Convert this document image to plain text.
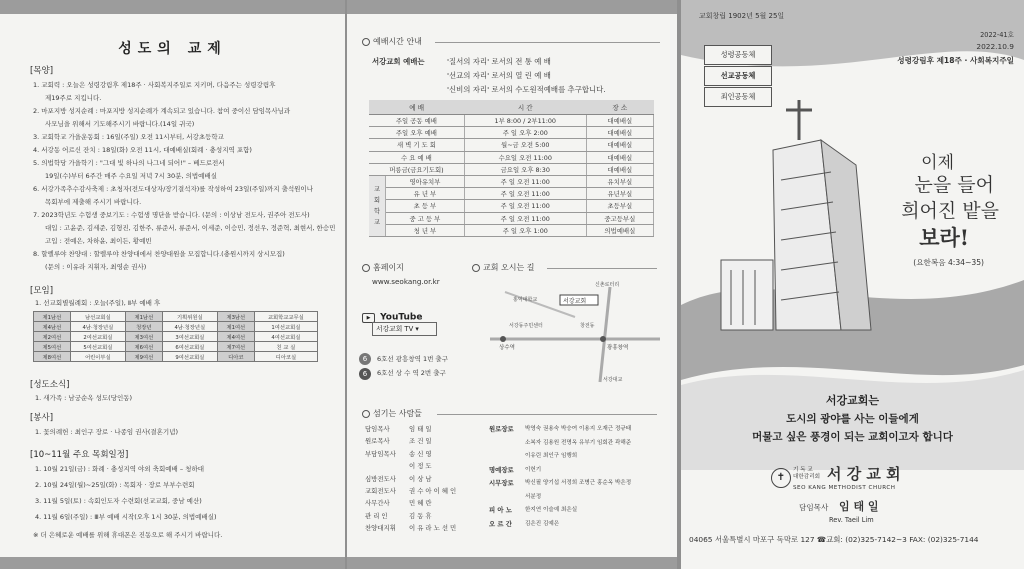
성도의 교제
[목양]
1. 교회력 : 오늘은 성령강림후 제18주 · 사회복지주일로 지키며, 다음주는 성령강림후
제19주로 지킵니다.
2. 마포지방 성지순례 : 마포지방 성지순례가 계속되고 있습니다. 참여 중이신 담임목사님과
사모님을 위해서 기도해주시기 바랍니다.(14일 귀국)
3. 교회학교 가을운동회 : 16일(주일) 오전 11시부터, 서강초등학교
4. 서강동 어르신 잔치 : 18일(화) 오전 11시, 대예배실(회례 · 충성지역 포함)
5. 의법학당 가을학기 : "그대 빛 하나의 나그네 되어!" – 베드로전서
19일(수)부터 6주간 매주 수요일 저녁 7시 30분, 의법예배실
6. 서강가족추수감사축제 : 초청자(전도대상자/장기결석자)를 작성하여 23일(주일)까지 출석원이나
목회부에 제출해 주시기 바랍니다.
7. 2023학년도 수험생 중보기도 : 수험생 명단을 받습니다. (문의 : 이상남 전도사, 권주아 전도사)
대입 : 고윤준, 김세준, 김형진, 김한주, 류준서, 류준서, 이세준, 이승민, 정선우, 정준혁, 최현서, 한승민
고입 : 전예은, 차하윤, 최이든, 황예빈
8. 할렐루야 찬양대 : 할렐루야 찬양대에서 찬양대원을 모집합니다.(충원시까지 상시모집)
(문의 : 이유라 지휘자, 최영순 권사)
[모임]
1. 선교회별월례회 : 오늘(주일), Ⅱ부 예배 후
제1남선	남선교회실	제1남선	기획위원실	제3남선	교회학교교무실
제4남선	4남·청장년실	청장년	4남·청장년실	제1여선	1여선교회실
제2여선	2여선교회실	제3여선	3여선교회실	제4여선	4여선교회실
제5여선	5여선교회실	제6여선	6여선교회실	제7여선	친 교 실
제8여선	어린이부실	제9여선	9여선교회실	디아코	디아코실
[성도소식]
1. 새가족 : 남궁순옥 성도(당인동)
[봉사]
1. 꽃의례헌 : 최인구 장로 · 나종임 권사(결혼기념)
[10~11월 주요 목회일정]
1. 10월 21일(금) : 화례 · 충성지역 야외 축회예배 – 청하대
2. 10월 24일(월)~25일(화) : 목회자 · 장로 부부수련회
3. 11월 5일(토) : 속회인도자 수련회(선교교회, 중남 예산)
4. 11월 6일(주일) : Ⅲ부 예배 시작(오후 1시 30분, 의법예배실)
※ 더 은혜로운 예배를 위해 휴대폰은 진동으로 해 주시기 바랍니다.
예배시간 안내
서강교회 예배는	'질서의 자리' 로서의 전 통 예 배
'선교의 자리' 로서의 열 린 예 배
'신비의 자리' 로서의 수도원적예배를 추구합니다.
예 배		시 간	장 소
주일 공동 예배		1부 8:00 / 2부11:00	대예배실
주일 오후 예배		주 일 오후 2:00	대예배실
새 벽 기 도 회		월~금 오전 5:00	대예배실
수 요 예 배		수요일 오전 11:00	대예배실
머릉금(금요기도회)		금요일 오후 8:30	대예배실
교회학교	영아유치부	주 일 오전 11:00	유치부실
	유 년 부	주 일 오전 11:00	유년부실
	초 등 부	주 일 오전 11:00	초등부실
	중 고 등 부	주 일 오전 11:00	중고등부실
	청 년 부	주 일 오후 1:00	의법예배실
홈페이지
www.seokang.or.kr
교회 오시는 길
▶ YouTube
서강교회 TV ▾
6	6호선 광흥창역 1번 출구
6	6호선 상 수 역 2번 출구
신촌로터리
홍익대학교	서강교회
서강동주민센터	창전동
광흥창역
상수역
서강대교
섬기는 사람들
담임목사	임 태 일
원로목사	조 건 일
부담임목사 송 신 영
이 정 도
심방전도사 이 상 남
교회전도사 권 수 아 이 혜 인
사무간사	민 혜 란
관 리 인	김 동 휴
찬양대지휘 이 유 라 노 선 민
원로장로 박영숙 권용숙 박승여 이용지 오재근 정규태
소복자 김용원 전명옥 유부기 임회관 곽해준
이유린 최인구 임행희
명예장로 이헌기
시무장로 박신필 양기섭 서정희 조병근 홍순옥 박은정
서분정
피 아 노 한지연 이슬예 최은실
오 르 간 김은진 김예은
교회창립 1902년 5월 25일
2022-41호
2022.10.9
성령강림후 제18주 · 사회복지주일
성령공동체
선교공동체
죄인공동체
이제
눈을 들어
희어진 밭을
보라!
(요한복음 4:34~35)
서강교회는
도시의 광야를 사는 이들에게
머물고 싶은 풍경이 되는 교회이고자 합니다
✝
기 독 교
대한감리회 서 강 교 회
SEO KANG METHODIST CHURCH
담임목사 임 태 일
Rev. Taeil Lim
04065 서울특별시 마포구 독막로 127 ☎교회: (02)325-7142~3 FAX: (02)325-7144
